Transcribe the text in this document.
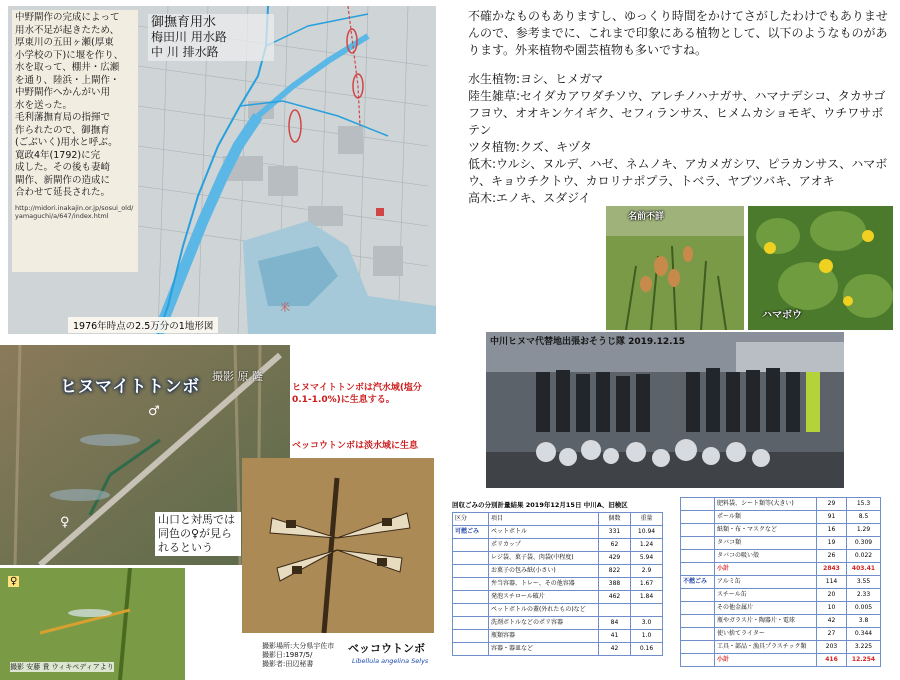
米

中野閘作の完成によって

用水不足が起きたため、

厚東川の五田ヶ瀬(厚東

小学校の下)に堰を作り、

水を取って、棚井・広瀬

を通り、陸浜・上閘作・

中野閘作へかんがい用

水を送った。

毛利藩撫育局の指揮で

作られたので、御撫育

(ごぶいく)用水と呼ぶ。

寛政4年(1792)に完

成した。その後も妻崎

閘作、新閘作の造成に

合わせて延長された。

http://midori.inakajin.or.jp/sosui_old/yamaguchi/a/647/index.html

御撫育用水
梅田川 用水路
中 川 排水路
1976年時点の2.5万分の1地形図

不確かなものもありますし、ゆっくり時間をかけてさがしたわけでもありませんので、参考までに、これまで印象にある植物として、以下のようなものがあります。外来植物や園芸植物も多いですね。

水生植物:ヨシ、ヒメガマ

陸生雑草:セイダカアワダチソウ、アレチノハナガサ、ハマナデシコ、タカサゴフヨウ、オオキンケイギク、セフィランサス、ヒメムカショモギ、ウチワサボテン

ツタ植物:クズ、キヅタ

低木:ウルシ、ヌルデ、ハゼ、ネムノキ、アカメガシワ、ピラカンサス、ハマボウ、キョウチクトウ、カロリナポプラ、トベラ、ヤブツバキ、アオキ

高木:エノキ、スダジイ

名前不詳
ハマボウ
ヒヌマイトトンボ
撮影 原 隆
♂
♀
ヒヌマイトトンボは汽水域(塩分0.1-1.0%)に生息する。
ベッコウトンボは淡水域に生息
山口と対馬では同色の♀が見られるという
♀
撮影 安藤 貴 ウィキペディアより
ベッコウトンボ
Libellula angelina Selys
撮影場所:大分県宇佐市
撮影日:1987/5/
撮影者:田辺秘書
中川ヒヌマ代替地出張おそうじ隊 2019.12.15
回収ごみの分別計量結果 2019年12月15日 中川A、旧検区
区分	項目	個数	重量
可燃ごみ	ペットボトル	331	10.94
	ポリカップ	62	1.24
	レジ袋、菓子袋、肉袋(中程度)	429	5.94
	お菓子の包み紙(小さい)	822	2.9
	弁当容器、トレー、その他容器	388	1.67
	発泡スチロール破片	462	1.84
	ペットボトルの蓋(外れたもの)など		
	洗剤ボトルなどのポリ容器	84	3.0
	瓶類容器	41	1.0
	容器・器皿など	42	0.16
	肥料袋、シート類等(大きい)	29	15.3
	ポール類	91	8.5
	紙類・布・マスクなど	16	1.29
	タバコ類	19	0.309
	タバコの吸い殻	26	0.022
	小計	2843	403.41
不燃ごみ	アルミ缶	114	3.55
	スチール缶	20	2.33
	その他金属片	10	0.005
	瓶やガラス片・陶器片・電球	42	3.8
	使い捨てライター	27	0.344
	工具・部品・漁具プラスチック類	203	3.225
	小計	416	12.254
